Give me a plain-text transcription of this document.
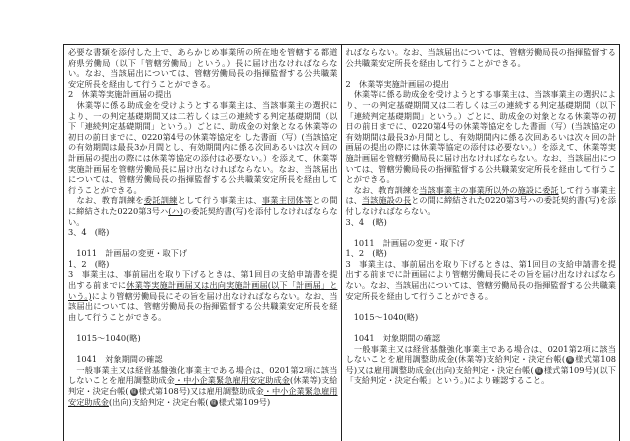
必要な書類を添付した上で、あらかじめ事業所の所在地を管轄する都道府県労働局（以下「管轄労働局」という。）長に届け出なければならない。なお、当該届出については、管轄労働局長の指揮監督する公共職業安定所長を経由して行うことができる。

2　休業等実施計画届の提出

　休業等に係る助成金を受けようとする事業主は、当該事業主の選択により、一の判定基礎期間又は二若しくは三の連続する判定基礎期間（以下「連続判定基礎期間」という。）ごとに、助成金の対象となる休業等の初日の前日までに、0220第4号の休業等協定を した書面（写）(当該協定の有効期間は最長3か月間とし、有効期間内に係る次回あるいは次々回の計画届の提出の際には休業等協定の添付は必要ない。）を添えて、休業等実施計画届を管轄労働局長に届け出なければならない。なお、当該届出については、管轄労働局長の指揮監督する公共職業安定所長を経由して行うことができる。

　なお、教育訓練を委託訓練として行う事業主は、事業主団体等との間に締結された0220第3号ハ(ハ)の委託契約書(写)を添付しなければならない。

3、4　(略)

　1011　計画届の変更・取下げ

1、2　(略)

3　事業主は、事前届出を取り下げるときは、第1回目の支給申請書を提出する前までに休業等実施計画届又は出向実施計画届(以下「計画届」という。)により管轄労働局長にその旨を届け出なければならない。なお、当該届出については、管轄労働局長の指揮監督する公共職業安定所長を経由して行うことができる。

　1015～1040(略)

　1041　対象期間の確認

　一般事業主又は経営基盤強化事業主である場合は、0201第2項に該当しないことを雇用調整助成金・中小企業緊急雇用安定助成金(休業等)支給判定・決定台帳( 雇 様式第108号)又は雇用調整助成金・中小企業緊急雇用安定助成金(出向)支給判定・決定台帳( 雇 様式第109号)

ればならない。なお、当該届出については、管轄労働局長の指揮監督する公共職業安定所長を経由して行うことができる。

2　休業等実施計画届の提出

　休業等に係る助成金を受けようとする事業主は、当該事業主の選択により、一の判定基礎期間又は二若しくは三の連続する判定基礎期間（以下「連続判定基礎期間」という。）ごとに、助成金の対象となる休業等の初日の前日までに、0220第4号の休業等協定をした書面（写）(当該協定の有効期間は最長3か月間とし、有効期間内に係る次回あるいは次々回の計画届の提出の際には休業等協定の添付は必要ない。）を添えて、休業等実施計画届を管轄労働局長に届け出なければならない。なお、当該届出については、管轄労働局長の指揮監督する公共職業安定所長を経由して行うことができる。

　なお、教育訓練を当該事業主の事業所以外の施設に委託して行う事業主は、当該施設の長との間に締結された0220第3号ハの委託契約書(写)を添付しなければならない。

3、4　(略)

　1011　計画届の変更・取下げ

1、2　(略)

3　事業主は、事前届出を取り下げるときは、第1回目の支給申請書を提出する前までに計画届により管轄労働局長にその旨を届け出なければならない。なお、当該届出については、管轄労働局長の指揮監督する公共職業安定所長を経由して行うことができる。

　1015～1040(略)

　1041　対象期間の確認

　一般事業主又は経営基盤強化事業主である場合は、0201第2項に該当しないことを雇用調整助成金(休業等)支給判定・決定台帳( 雇 様式第108号)又は雇用調整助成金(出向)支給判定・決定台帳( 雇 様式第109号)(以下「支給判定・決定台帳」という。)により確認すること。
